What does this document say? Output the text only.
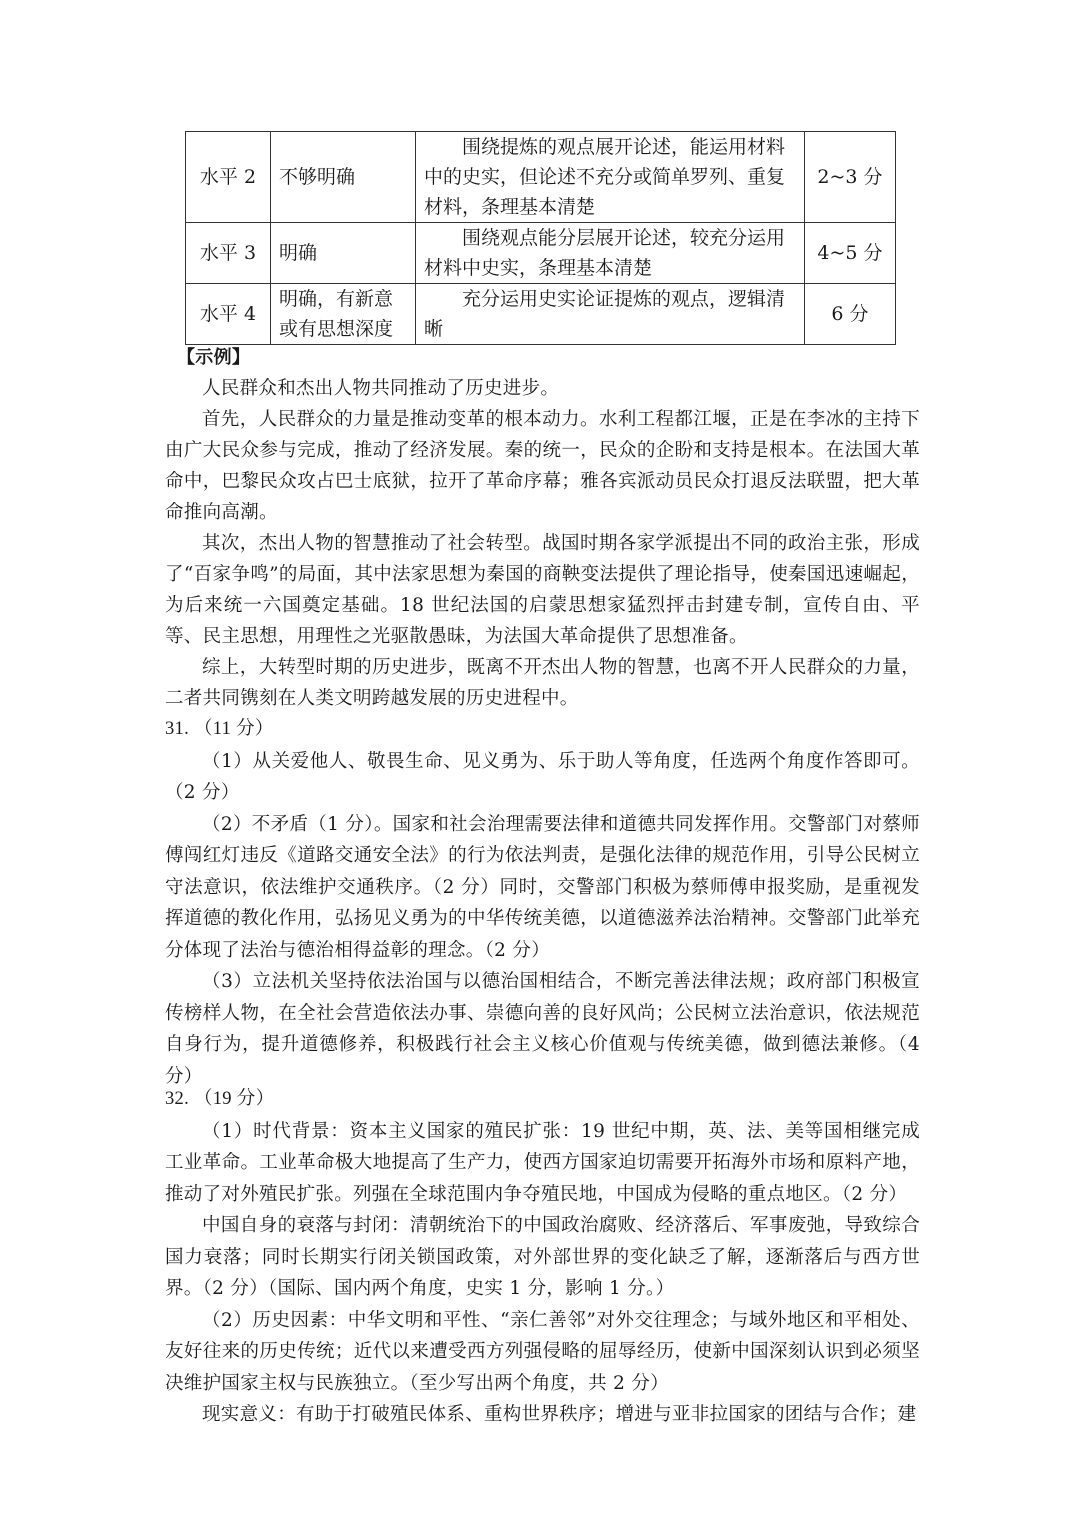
水平 2	不够明确	围绕提炼的观点展开论述，能运用材料中的史实，但论述不充分或简单罗列、重复材料，条理基本清楚	2~3 分
水平 3	明确	围绕观点能分层展开论述，较充分运用材料中史实，条理基本清楚	4~5 分
水平 4	明确，有新意或有思想深度	充分运用史实论证提炼的观点，逻辑清晰	6 分

【示例】

人民群众和杰出人物共同推动了历史进步。

首先，人民群众的力量是推动变革的根本动力。水利工程都江堰，正是在李冰的主持下由广大民众参与完成，推动了经济发展。秦的统一，民众的企盼和支持是根本。在法国大革命中，巴黎民众攻占巴士底狱，拉开了革命序幕；雅各宾派动员民众打退反法联盟，把大革命推向高潮。

其次，杰出人物的智慧推动了社会转型。战国时期各家学派提出不同的政治主张，形成了“百家争鸣”的局面，其中法家思想为秦国的商鞅变法提供了理论指导，使秦国迅速崛起，为后来统一六国奠定基础。18 世纪法国的启蒙思想家猛烈抨击封建专制，宣传自由、平等、民主思想，用理性之光驱散愚昧，为法国大革命提供了思想准备。

综上，大转型时期的历史进步，既离不开杰出人物的智慧，也离不开人民群众的力量，二者共同镌刻在人类文明跨越发展的历史进程中。

31. （11 分）

（1）从关爱他人、敬畏生命、见义勇为、乐于助人等角度，任选两个角度作答即可。（2 分）

（2）不矛盾（1 分）。国家和社会治理需要法律和道德共同发挥作用。交警部门对蔡师傅闯红灯违反《道路交通安全法》的行为依法判责，是强化法律的规范作用，引导公民树立守法意识，依法维护交通秩序。（2 分）同时，交警部门积极为蔡师傅申报奖励，是重视发挥道德的教化作用，弘扬见义勇为的中华传统美德，以道德滋养法治精神。交警部门此举充分体现了法治与德治相得益彰的理念。（2 分）

（3）立法机关坚持依法治国与以德治国相结合，不断完善法律法规；政府部门积极宣传榜样人物，在全社会营造依法办事、崇德向善的良好风尚；公民树立法治意识，依法规范自身行为，提升道德修养，积极践行社会主义核心价值观与传统美德，做到德法兼修。（4 分）

32. （19 分）

（1）时代背景：资本主义国家的殖民扩张：19 世纪中期，英、法、美等国相继完成工业革命。工业革命极大地提高了生产力，使西方国家迫切需要开拓海外市场和原料产地，推动了对外殖民扩张。列强在全球范围内争夺殖民地，中国成为侵略的重点地区。（2 分）

中国自身的衰落与封闭：清朝统治下的中国政治腐败、经济落后、军事废弛，导致综合国力衰落；同时长期实行闭关锁国政策，对外部世界的变化缺乏了解，逐渐落后与西方世界。（2 分）（国际、国内两个角度，史实 1 分，影响 1 分。）

（2）历史因素：中华文明和平性、“亲仁善邻”对外交往理念；与域外地区和平相处、友好往来的历史传统；近代以来遭受西方列强侵略的屈辱经历，使新中国深刻认识到必须坚决维护国家主权与民族独立。（至少写出两个角度，共 2 分）

现实意义：有助于打破殖民体系、重构世界秩序；增进与亚非拉国家的团结与合作；建
